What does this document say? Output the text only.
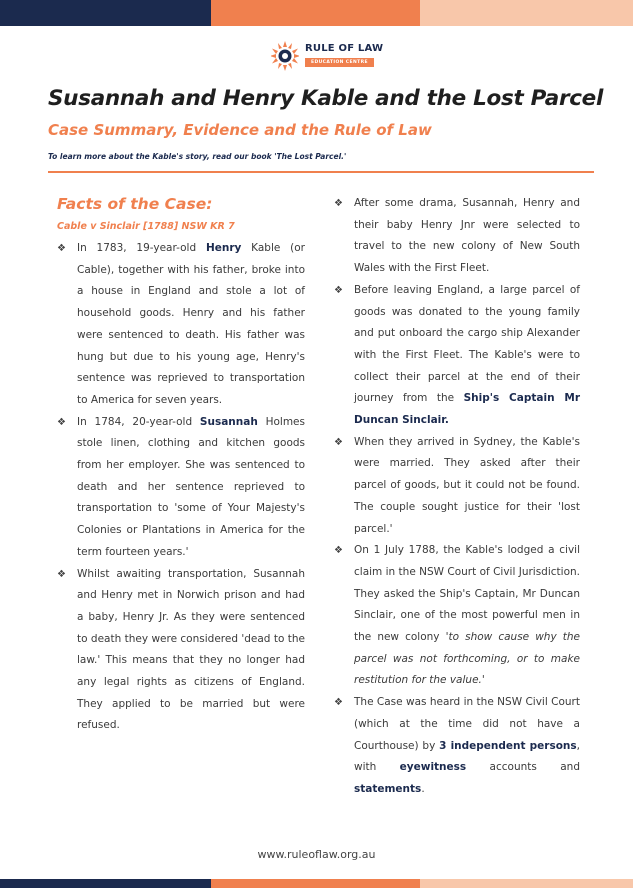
RULE OF LAW
EDUCATION CENTRE
Susannah and Henry Kable and the Lost Parcel
Case Summary, Evidence and the Rule of Law
To learn more about the Kable's story, read our book 'The Lost Parcel.'
Facts of the Case:
Cable v Sinclair [1788] NSW KR 7
❖ In 1783, 19-year-old Henry Kable (or Cable), together with his father, broke into a house in England and stole a lot of household goods. Henry and his father were sentenced to death. His father was hung but due to his young age, Henry's sentence was reprieved to transportation to America for seven years.
❖ In 1784, 20-year-old Susannah Holmes stole linen, clothing and kitchen goods from her employer. She was sentenced to death and her sentence reprieved to transportation to 'some of Your Majesty's Colonies or Plantations in America for the term fourteen years.'
❖ Whilst awaiting transportation, Susannah and Henry met in Norwich prison and had a baby, Henry Jr. As they were sentenced to death they were considered 'dead to the law.' This means that they no longer had any legal rights as citizens of England. They applied to be married but were refused.
❖ After some drama, Susannah, Henry and their baby Henry Jnr were selected to travel to the new colony of New South Wales with the First Fleet.
❖ Before leaving England, a large parcel of goods was donated to the young family and put onboard the cargo ship Alexander with the First Fleet. The Kable's were to collect their parcel at the end of their journey from the Ship's Captain Mr Duncan Sinclair.
❖ When they arrived in Sydney, the Kable's were married. They asked after their parcel of goods, but it could not be found. The couple sought justice for their 'lost parcel.'
❖ On 1 July 1788, the Kable's lodged a civil claim in the NSW Court of Civil Jurisdiction. They asked the Ship's Captain, Mr Duncan Sinclair, one of the most powerful men in the new colony 'to show cause why the parcel was not forthcoming, or to make restitution for the value.'
❖ The Case was heard in the NSW Civil Court (which at the time did not have a Courthouse) by 3 independent persons, with eyewitness accounts and statements.
www.ruleoflaw.org.au
